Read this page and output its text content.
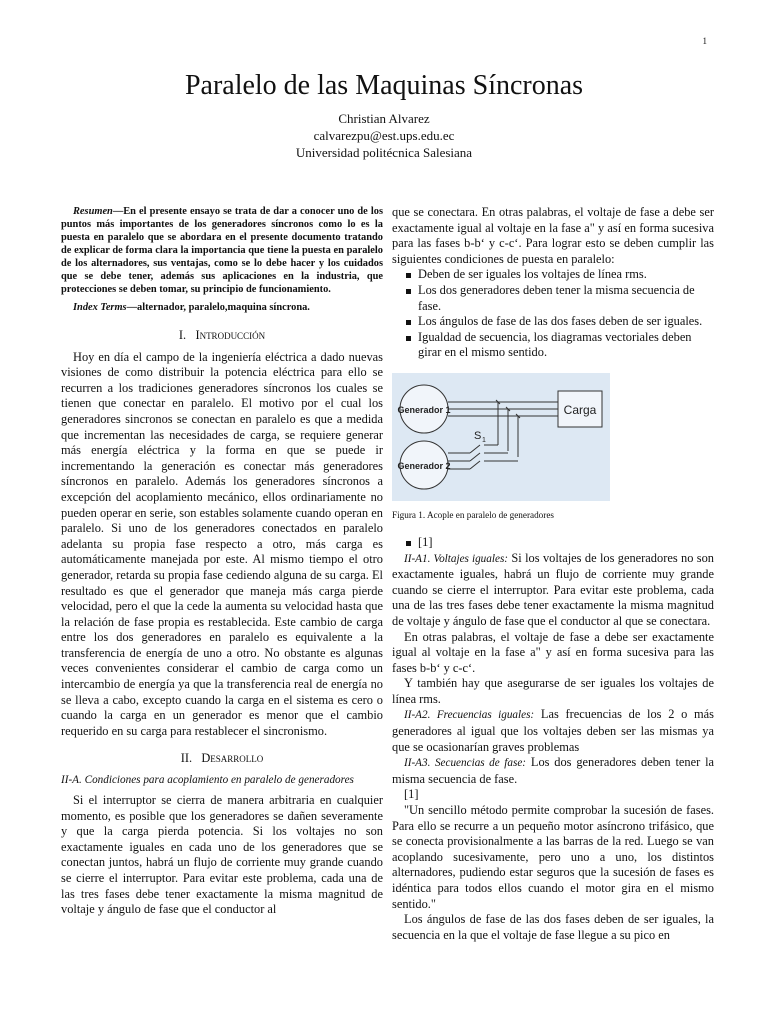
1
Paralelo de las Maquinas Síncronas
Christian Alvarez
calvarezpu@est.ups.edu.ec
Universidad politécnica Salesiana

Resumen—En el presente ensayo se trata de dar a conocer uno de los puntos más importantes de los generadores síncronos como lo es la puesta en paralelo que se abordara en el presente documento tratando de explicar de forma clara la importancia que tiene la puesta en paralelo de los alternadores, sus ventajas, como se lo debe hacer y los cuidados que se debe tener, además sus aplicaciones en la industria, que protecciones se deben tomar, su principio de funcionamiento.

Index Terms—alternador, paralelo,maquina síncrona.

I. Introducción

Hoy en día el campo de la ingeniería eléctrica a dado nuevas visiones de como distribuir la potencia eléctrica para ello se recurren a los tradiciones generadores síncronos los cuales se tienen que conectar en paralelo. El motivo por el cual los generadores sincronos se conectan en paralelo es que a medida que incrementan las necesidades de carga, se requiere generar más energía eléctrica y la forma en que se puede ir incrementando la generación es conectar más generadores síncronos en paralelo. Además los generadores síncronos a excepción del acoplamiento mecánico, ellos ordinariamente no pueden operar en serie, son estables solamente cuando operan en paralelo. Si uno de los generadores conectados en paralelo adelanta su propia fase respecto a otro, más carga es automáticamente manejada por este. Al mismo tiempo el otro generador, retarda su propia fase cediendo alguna de su carga. El resultado es que el generador que maneja más carga pierde velocidad, pero el que la cede la aumenta su velocidad hasta que la relación de fase propia es restablecida. Este cambio de carga entre los dos generadores en paralelo es equivalente a la transferencia de energía de uno a otro. No obstante es algunas veces convenientes considerar el cambio de carga como un intercambio de energía ya que la transferencia real de energía no se lleva a cabo, excepto cuando la carga en el sistema es cero o cuando la carga en un generador es menor que el cambio requerido en su carga para restablecer el sincronismo.

II. Desarrollo

II-A. Condiciones para acoplamiento en paralelo de generadores

Si el interruptor se cierra de manera arbitraria en cualquier momento, es posible que los generadores se dañen severamente y que la carga pierda potencia. Si los voltajes no son exactamente iguales en cada uno de los generadores que se conectan juntos, habrá un flujo de corriente muy grande cuando se cierre el interruptor. Para evitar este problema, cada una de las tres fases debe tener exactamente la misma magnitud de voltaje y ángulo de fase que el conductor al

que se conectara. En otras palabras, el voltaje de fase a debe ser exactamente igual al voltaje en la fase a" y así en forma sucesiva para las fases b-b‘ y c-c‘. Para lograr esto se deben cumplir las siguientes condiciones de puesta en paralelo:

Deben de ser iguales los voltajes de línea rms.
Los dos generadores deben tener la misma secuencia de fase.
Los ángulos de fase de las dos fases deben de ser iguales.
Igualdad de secuencia, los diagramas vectoriales deben girar en el mismo sentido.
Generador 1
Generador 2
Carga
S 1

Figura 1. Acople en paralelo de generadores

[1]

II-A1. Voltajes iguales: Si los voltajes de los generadores no son exactamente iguales, habrá un flujo de corriente muy grande cuando se cierre el interruptor. Para evitar este problema, cada una de las tres fases debe tener exactamente la misma magnitud de voltaje y ángulo de fase que el conductor al que se conectara.

En otras palabras, el voltaje de fase a debe ser exactamente igual al voltaje en la fase a" y así en forma sucesiva para las fases b-b‘ y c-c‘.

Y también hay que asegurarse de ser iguales los voltajes de línea rms.

II-A2. Frecuencias iguales: Las frecuencias de los 2 o más generadores al igual que los voltajes deben ser las mismas ya que se ocasionarían graves problemas

II-A3. Secuencias de fase: Los dos generadores deben tener la misma secuencia de fase.

[1]

"Un sencillo método permite comprobar la sucesión de fases. Para ello se recurre a un pequeño motor asíncrono trifásico, que se conecta provisionalmente a las barras de la red. Luego se van acoplando sucesivamente, pero uno a uno, los distintos alternadores, pudiendo estar seguros que la sucesión de fases es idéntica para todos ellos cuando el motor gira en el mismo sentido."

Los ángulos de fase de las dos fases deben de ser iguales, la secuencia en la que el voltaje de fase llegue a su pico en
